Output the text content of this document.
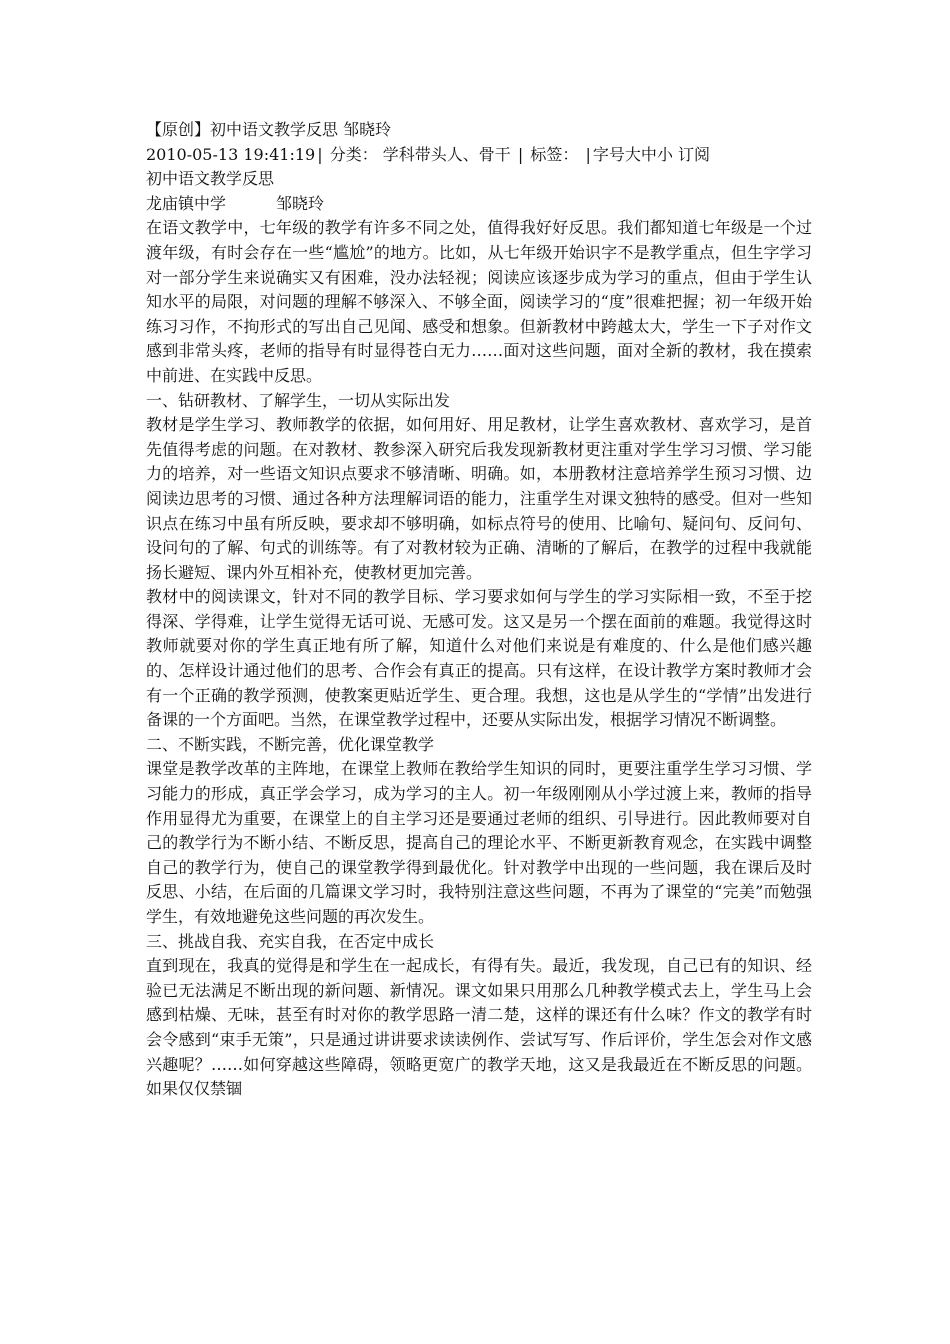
【原创】初中语文教学反思 邹晓玲
2010-05-13 19:41:19 | 分类： 学科带头人、骨干 | 标签： | 字号大中小 订阅
初中语文教学反思
龙庙镇中学	邹晓玲
在语文教学中，七年级的教学有许多不同之处，值得我好好反思。我们都知道七年级是一个过渡年级，有时会存在一些“尴尬”的地方。比如，从七年级开始识字不是教学重点，但生字学习对一部分学生来说确实又有困难，没办法轻视；阅读应该逐步成为学习的重点，但由于学生认知水平的局限，对问题的理解不够深入、不够全面，阅读学习的“度”很难把握；初一年级开始练习习作，不拘形式的写出自己见闻、感受和想象。但新教材中跨越太大，学生一下子对作文感到非常头疼，老师的指导有时显得苍白无力……面对这些问题，面对全新的教材，我在摸索中前进、在实践中反思。
一、钻研教材、了解学生，一切从实际出发
教材是学生学习、教师教学的依据，如何用好、用足教材，让学生喜欢教材、喜欢学习，是首先值得考虑的问题。在对教材、教参深入研究后我发现新教材更注重对学生学习习惯、学习能力的培养，对一些语文知识点要求不够清晰、明确。如，本册教材注意培养学生预习习惯、边阅读边思考的习惯、通过各种方法理解词语的能力，注重学生对课文独特的感受。但对一些知识点在练习中虽有所反映，要求却不够明确，如标点符号的使用、比喻句、疑问句、反问句、设问句的了解、句式的训练等。有了对教材较为正确、清晰的了解后，在教学的过程中我就能扬长避短、课内外互相补充，使教材更加完善。
教材中的阅读课文，针对不同的教学目标、学习要求如何与学生的学习实际相一致，不至于挖得深、学得难，让学生觉得无话可说、无感可发。这又是另一个摆在面前的难题。我觉得这时教师就要对你的学生真正地有所了解，知道什么对他们来说是有难度的、什么是他们感兴趣的、怎样设计通过他们的思考、合作会有真正的提高。只有这样，在设计教学方案时教师才会有一个正确的教学预测，使教案更贴近学生、更合理。我想，这也是从学生的“学情”出发进行备课的一个方面吧。当然，在课堂教学过程中，还要从实际出发，根据学习情况不断调整。
二、不断实践，不断完善，优化课堂教学
课堂是教学改革的主阵地，在课堂上教师在教给学生知识的同时，更要注重学生学习习惯、学习能力的形成，真正学会学习，成为学习的主人。初一年级刚刚从小学过渡上来，教师的指导作用显得尤为重要，在课堂上的自主学习还是要通过老师的组织、引导进行。因此教师要对自己的教学行为不断小结、不断反思，提高自己的理论水平、不断更新教育观念，在实践中调整自己的教学行为，使自己的课堂教学得到最优化。针对教学中出现的一些问题，我在课后及时反思、小结，在后面的几篇课文学习时，我特别注意这些问题，不再为了课堂的“完美”而勉强学生，有效地避免这些问题的再次发生。
三、挑战自我、充实自我，在否定中成长
直到现在，我真的觉得是和学生在一起成长，有得有失。最近，我发现，自己已有的知识、经验已无法满足不断出现的新问题、新情况。课文如果只用那么几种教学模式去上，学生马上会感到枯燥、无味，甚至有时对你的教学思路一清二楚，这样的课还有什么味？作文的教学有时会令感到“束手无策”，只是通过讲讲要求读读例作、尝试写写、作后评价，学生怎会对作文感兴趣呢？……如何穿越这些障碍，领略更宽广的教学天地，这又是我最近在不断反思的问题。如果仅仅禁锢
